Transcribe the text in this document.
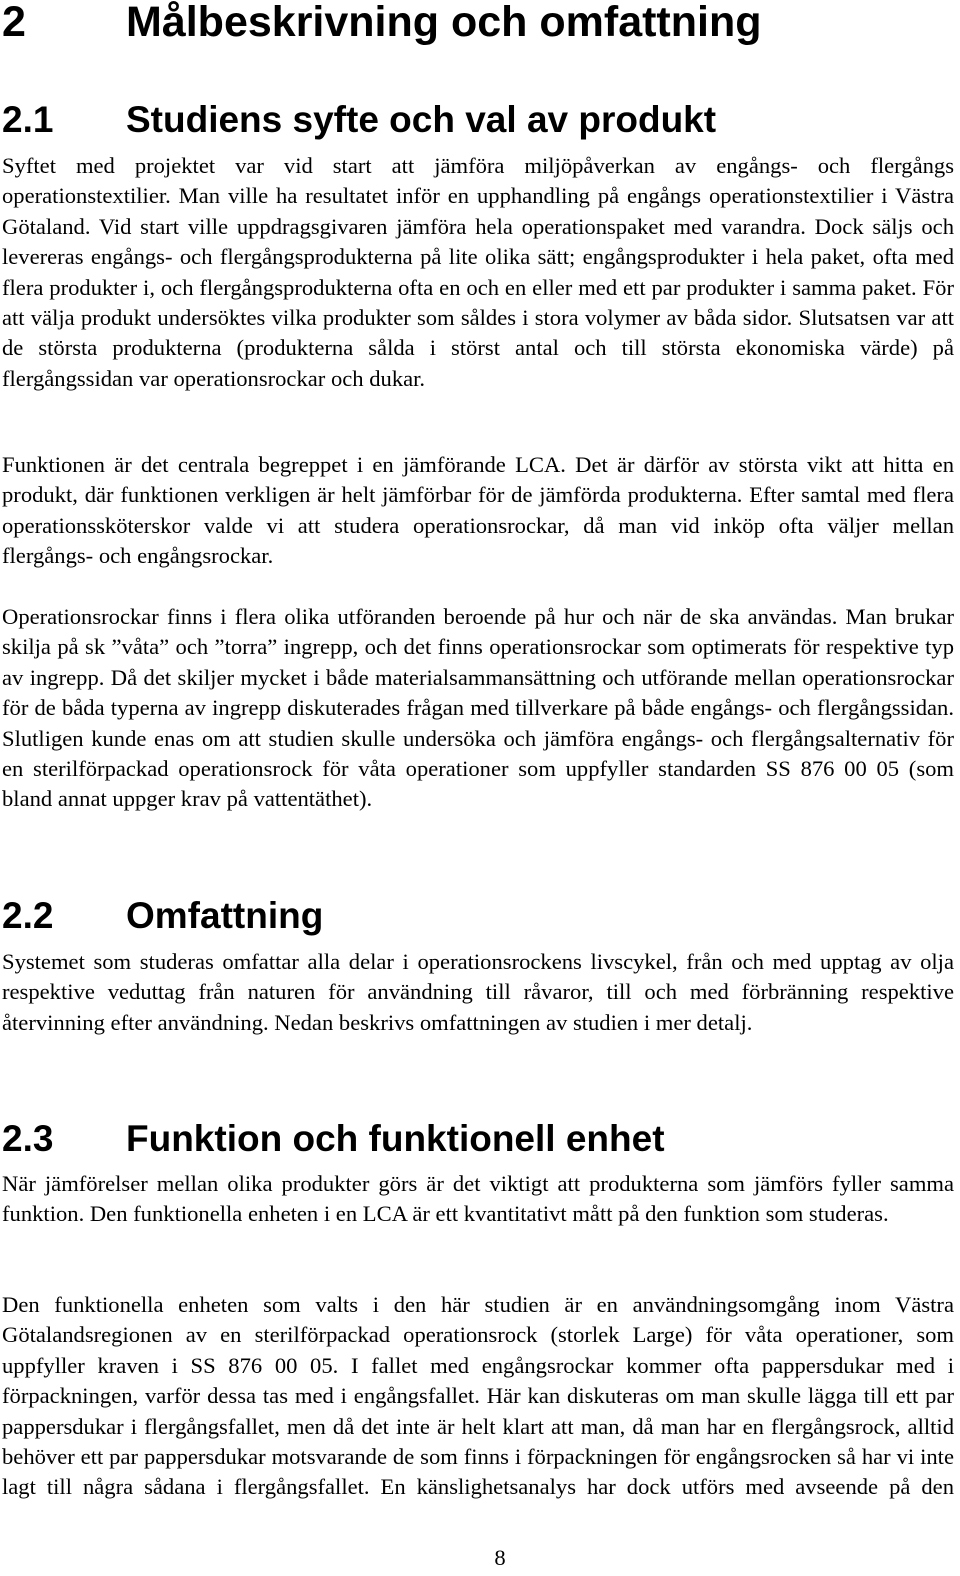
2 Målbeskrivning och omfattning
2.1 Studiens syfte och val av produkt

Syftet med projektet var vid start att jämföra miljöpåverkan av engångs- och flergångs operationstextilier. Man ville ha resultatet inför en upphandling på engångs operationstextilier i Västra Götaland. Vid start ville uppdragsgivaren jämföra hela operationspaket med varandra. Dock säljs och levereras engångs- och flergångsprodukterna på lite olika sätt; engångsprodukter i hela paket, ofta med flera produkter i, och flergångsprodukterna ofta en och en eller med ett par produkter i samma paket. För att välja produkt undersöktes vilka produkter som såldes i stora volymer av båda sidor. Slutsatsen var att de största produkterna (produkterna sålda i störst antal och till största ekonomiska värde) på flergångssidan var operationsrockar och dukar.

Funktionen är det centrala begreppet i en jämförande LCA. Det är därför av största vikt att hitta en produkt, där funktionen verkligen är helt jämförbar för de jämförda produkterna. Efter samtal med flera operationssköterskor valde vi att studera operationsrockar, då man vid inköp ofta väljer mellan flergångs- och engångsrockar.

Operationsrockar finns i flera olika utföranden beroende på hur och när de ska användas. Man brukar skilja på sk ”våta” och ”torra” ingrepp, och det finns operationsrockar som optimerats för respektive typ av ingrepp. Då det skiljer mycket i både materialsammansättning och utförande mellan operationsrockar för de båda typerna av ingrepp diskuterades frågan med tillverkare på både engångs- och flergångssidan. Slutligen kunde enas om att studien skulle undersöka och jämföra engångs- och flergångsalternativ för en sterilförpackad operationsrock för våta operationer som uppfyller standarden SS 876 00 05 (som bland annat uppger krav på vattentäthet).

2.2 Omfattning

Systemet som studeras omfattar alla delar i operationsrockens livscykel, från och med upptag av olja respektive veduttag från naturen för användning till råvaror, till och med förbränning respektive återvinning efter användning. Nedan beskrivs omfattningen av studien i mer detalj.

2.3 Funktion och funktionell enhet

När jämförelser mellan olika produkter görs är det viktigt att produkterna som jämförs fyller samma funktion. Den funktionella enheten i en LCA är ett kvantitativt mått på den funktion som studeras.

Den funktionella enheten som valts i den här studien är en användningsomgång inom Västra Götalandsregionen av en sterilförpackad operationsrock (storlek Large) för våta operationer, som uppfyller kraven i SS 876 00 05. I fallet med engångsrockar kommer ofta pappersdukar med i förpackningen, varför dessa tas med i engångsfallet. Här kan diskuteras om man skulle lägga till ett par pappersdukar i flergångsfallet, men då det inte är helt klart att man, då man har en flergångsrock, alltid behöver ett par pappersdukar motsvarande de som finns i förpackningen för engångsrocken så har vi inte lagt till några sådana i flergångsfallet. En känslighetsanalys har dock utförs med avseende på den

8
